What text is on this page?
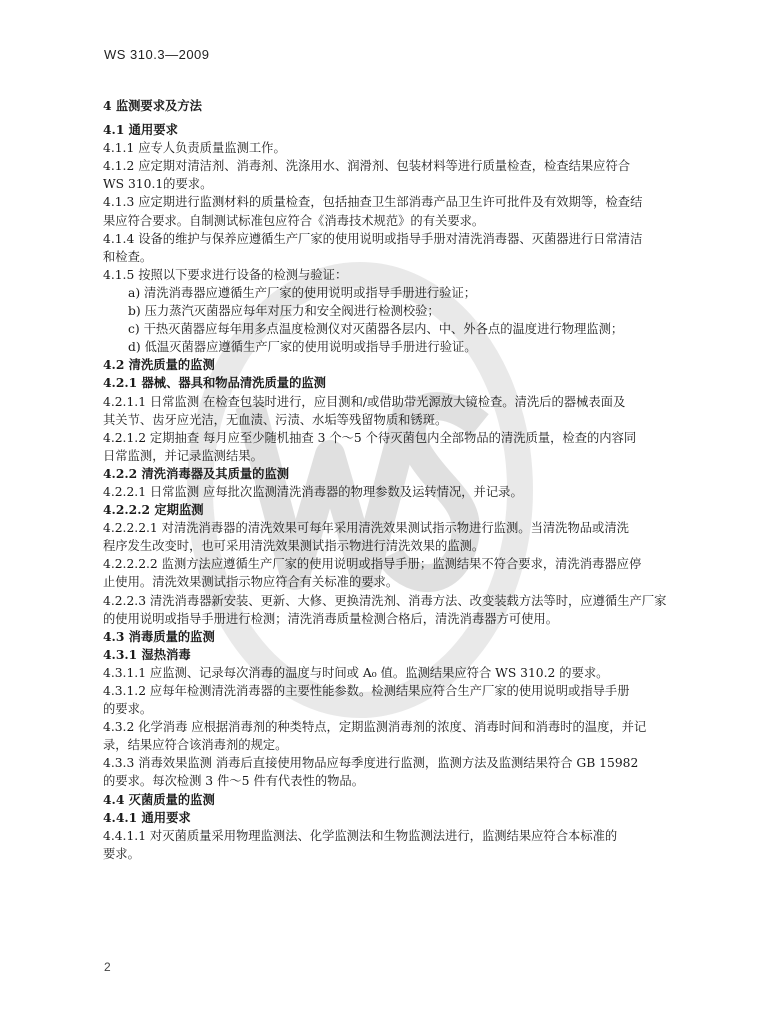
WS 310.3—2009
4 监测要求及方法
4.1 通用要求
4.1.1 应专人负责质量监测工作。
4.1.2 应定期对清洁剂、消毒剂、洗涤用水、润滑剂、包装材料等进行质量检查，检查结果应符合
WS 310.1的要求。
4.1.3 应定期进行监测材料的质量检查，包括抽查卫生部消毒产品卫生许可批件及有效期等，检查结
果应符合要求。自制测试标准包应符合《消毒技术规范》的有关要求。
4.1.4 设备的维护与保养应遵循生产厂家的使用说明或指导手册对清洗消毒器、灭菌器进行日常清洁
和检查。
4.1.5 按照以下要求进行设备的检测与验证：
a) 清洗消毒器应遵循生产厂家的使用说明或指导手册进行验证；
b) 压力蒸汽灭菌器应每年对压力和安全阀进行检测校验；
c) 干热灭菌器应每年用多点温度检测仪对灭菌器各层内、中、外各点的温度进行物理监测；
d) 低温灭菌器应遵循生产厂家的使用说明或指导手册进行验证。
4.2 清洗质量的监测
4.2.1 器械、器具和物品清洗质量的监测
4.2.1.1 日常监测 在检查包装时进行，应目测和/或借助带光源放大镜检查。清洗后的器械表面及
其关节、齿牙应光洁，无血渍、污渍、水垢等残留物质和锈斑。
4.2.1.2 定期抽查 每月应至少随机抽查 3 个～5 个待灭菌包内全部物品的清洗质量，检查的内容同
日常监测，并记录监测结果。
4.2.2 清洗消毒器及其质量的监测
4.2.2.1 日常监测 应每批次监测清洗消毒器的物理参数及运转情况，并记录。
4.2.2.2 定期监测
4.2.2.2.1 对清洗消毒器的清洗效果可每年采用清洗效果测试指示物进行监测。当清洗物品或清洗
程序发生改变时，也可采用清洗效果测试指示物进行清洗效果的监测。
4.2.2.2.2 监测方法应遵循生产厂家的使用说明或指导手册；监测结果不符合要求，清洗消毒器应停
止使用。清洗效果测试指示物应符合有关标准的要求。
4.2.2.3 清洗消毒器新安装、更新、大修、更换清洗剂、消毒方法、改变装载方法等时，应遵循生产厂家
的使用说明或指导手册进行检测；清洗消毒质量检测合格后，清洗消毒器方可使用。
4.3 消毒质量的监测
4.3.1 湿热消毒
4.3.1.1 应监测、记录每次消毒的温度与时间或 A₀ 值。监测结果应符合 WS 310.2 的要求。
4.3.1.2 应每年检测清洗消毒器的主要性能参数。检测结果应符合生产厂家的使用说明或指导手册
的要求。
4.3.2 化学消毒 应根据消毒剂的种类特点，定期监测消毒剂的浓度、消毒时间和消毒时的温度，并记
录，结果应符合该消毒剂的规定。
4.3.3 消毒效果监测 消毒后直接使用物品应每季度进行监测，监测方法及监测结果符合 GB 15982
的要求。每次检测 3 件～5 件有代表性的物品。
4.4 灭菌质量的监测
4.4.1 通用要求
4.4.1.1 对灭菌质量采用物理监测法、化学监测法和生物监测法进行，监测结果应符合本标准的
要求。
2
